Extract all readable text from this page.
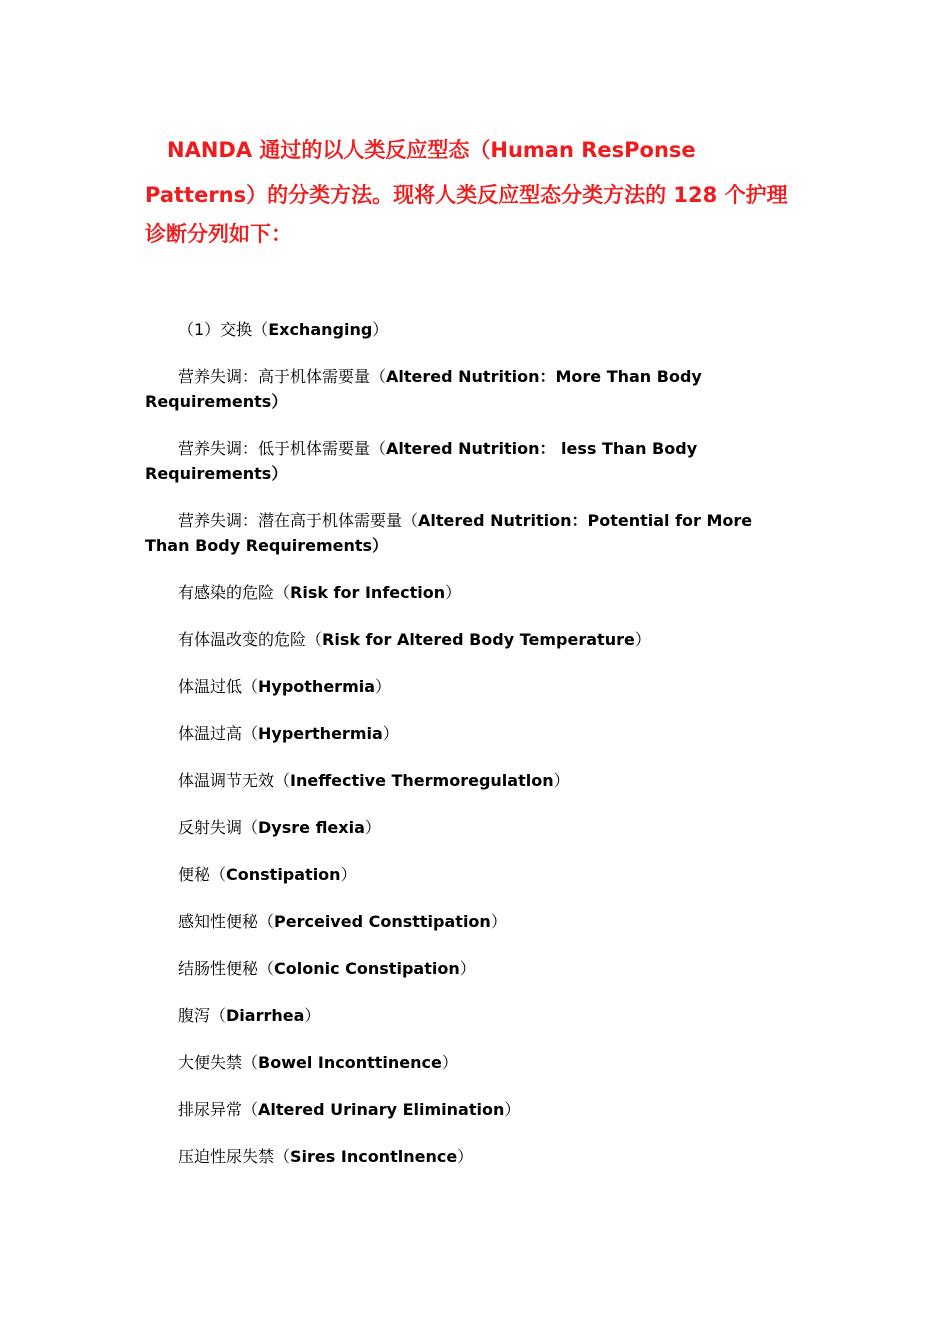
NANDA 通过的以人类反应型态（Human ResPonse
Patterns）的分类方法。现将人类反应型态分类方法的 128 个护理
诊断分列如下：
（1）交换（Exchanging）
营养失调：高于机体需要量（Altered Nutrition：More Than Body
Requirements）
营养失调：低于机体需要量（Altered Nutrition： less Than Body
Requirements）
营养失调：潜在高于机体需要量（Altered Nutrition：Potential for More
Than Body Requirements）
有感染的危险（Risk for Infection）
有体温改变的危险（Risk for Altered Body Temperature）
体温过低（Hypothermia）
体温过高（Hyperthermia）
体温调节无效（Ineffective Thermoregulatlon）
反射失调（Dysre flexia）
便秘（Constipation）
感知性便秘（Perceived Consttipation）
结肠性便秘（Colonic Constipation）
腹泻（Diarrhea）
大便失禁（Bowel Inconttinence）
排尿异常（Altered Urinary Elimination）
压迫性尿失禁（Sires Incontlnence）
